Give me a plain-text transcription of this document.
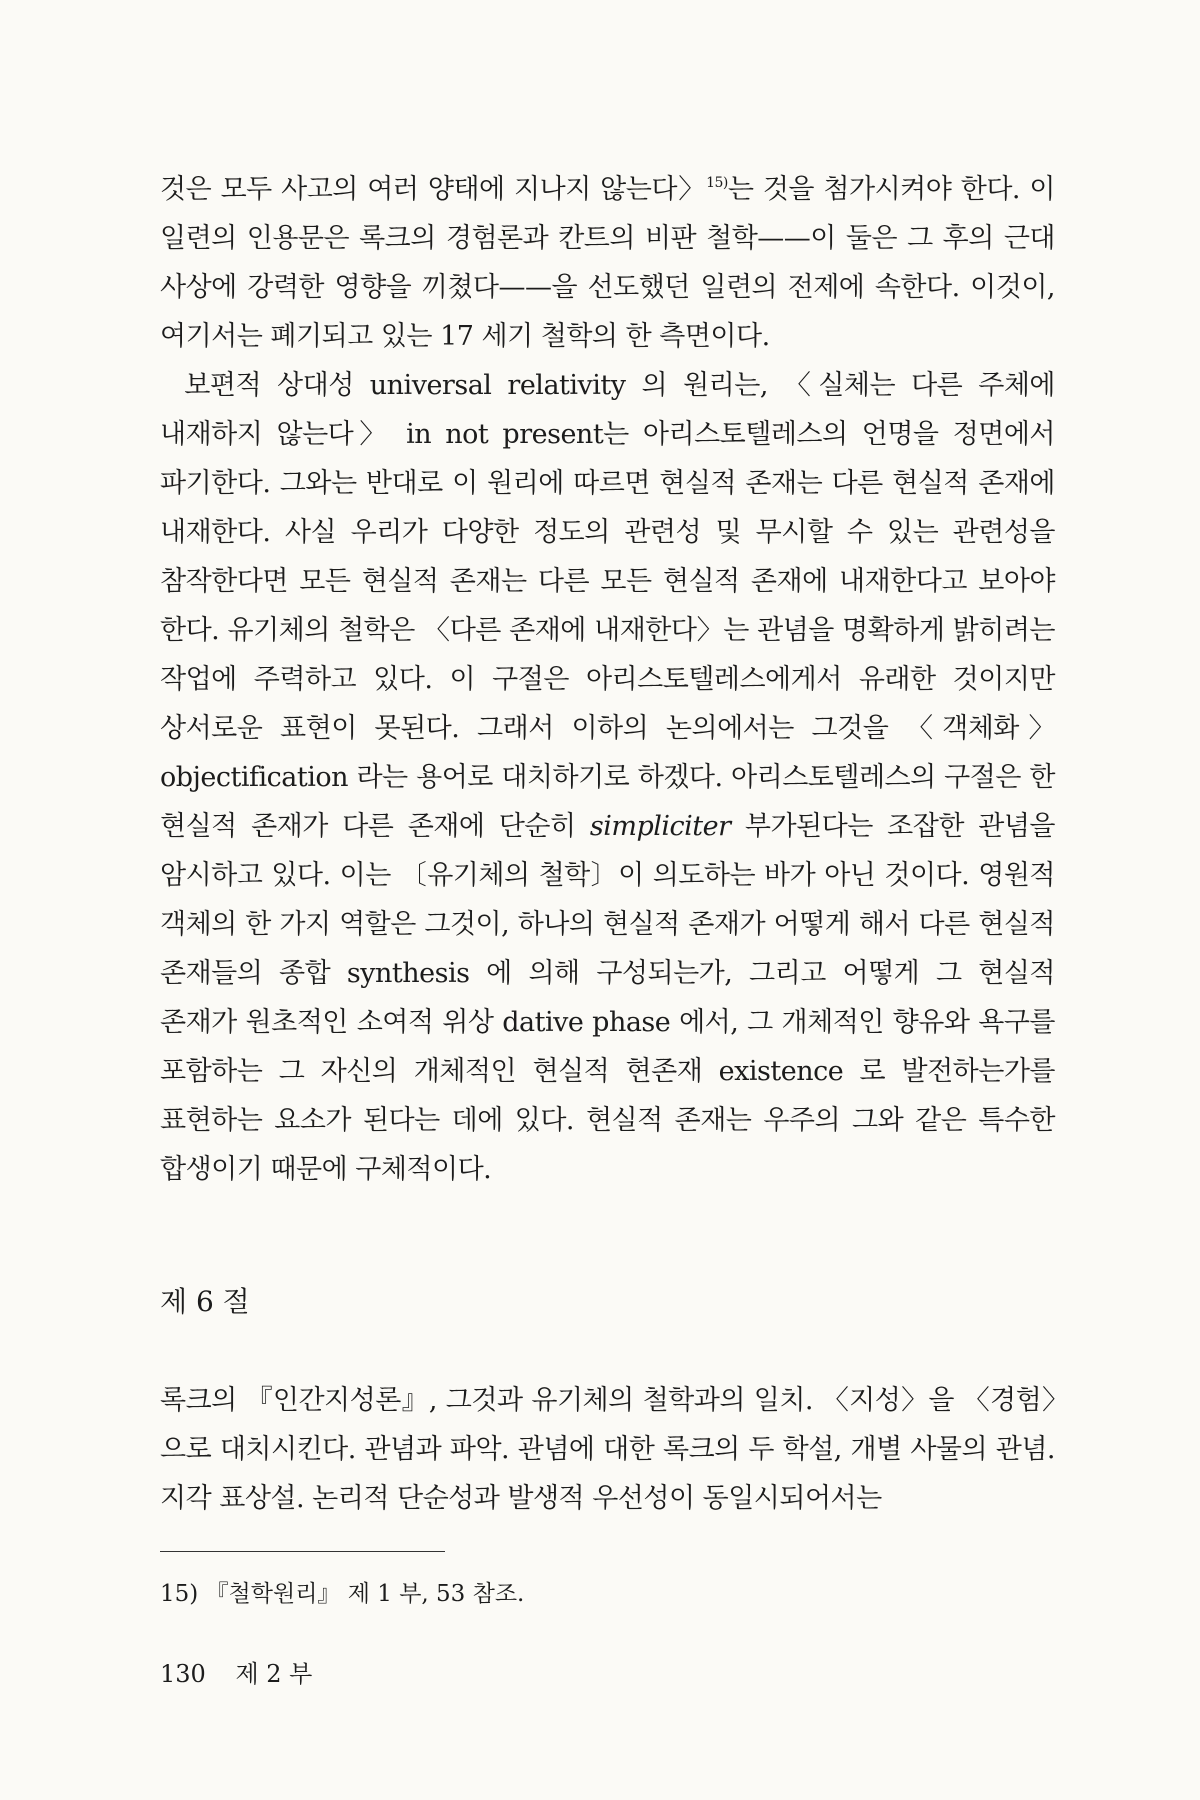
것은 모두 사고의 여러 양태에 지나지 않는다〉$^{15)}$는 것을 첨가시켜야 한다. 이 일련의 인용문은 록크의 경험론과 칸트의 비판 철학——이 둘은 그 후의 근대 사상에 강력한 영향을 끼쳤다——을 선도했던 일련의 전제에 속한다. 이것이, 여기서는 폐기되고 있는 17 세기 철학의 한 측면이다.

보편적 상대성 universal relativity 의 원리는, 〈실체는 다른 주체에 내재하지 않는다〉 in not present는 아리스토텔레스의 언명을 정면에서 파기한다. 그와는 반대로 이 원리에 따르면 현실적 존재는 다른 현실적 존재에 내재한다. 사실 우리가 다양한 정도의 관련성 및 무시할 수 있는 관련성을 참작한다면 모든 현실적 존재는 다른 모든 현실적 존재에 내재한다고 보아야 한다. 유기체의 철학은 〈다른 존재에 내재한다〉는 관념을 명확하게 밝히려는 작업에 주력하고 있다. 이 구절은 아리스토텔레스에게서 유래한 것이지만 상서로운 표현이 못된다. 그래서 이하의 논의에서는 그것을 〈객체화〉 objectification 라는 용어로 대치하기로 하겠다. 아리스토텔레스의 구절은 한 현실적 존재가 다른 존재에 단순히 simpliciter 부가된다는 조잡한 관념을 암시하고 있다. 이는 〔유기체의 철학〕이 의도하는 바가 아닌 것이다. 영원적 객체의 한 가지 역할은 그것이, 하나의 현실적 존재가 어떻게 해서 다른 현실적 존재들의 종합 synthesis 에 의해 구성되는가, 그리고 어떻게 그 현실적 존재가 원초적인 소여적 위상 dative phase 에서, 그 개체적인 향유와 욕구를 포함하는 그 자신의 개체적인 현실적 현존재 existence 로 발전하는가를 표현하는 요소가 된다는 데에 있다. 현실적 존재는 우주의 그와 같은 특수한 합생이기 때문에 구체적이다.

제 6 절

록크의 『인간지성론』, 그것과 유기체의 철학과의 일치. 〈지성〉을 〈경험〉으로 대치시킨다. 관념과 파악. 관념에 대한 록크의 두 학설, 개별 사물의 관념. 지각 표상설. 논리적 단순성과 발생적 우선성이 동일시되어서는

15) 『철학원리』 제 1 부, 53 참조.
130 제 2 부
